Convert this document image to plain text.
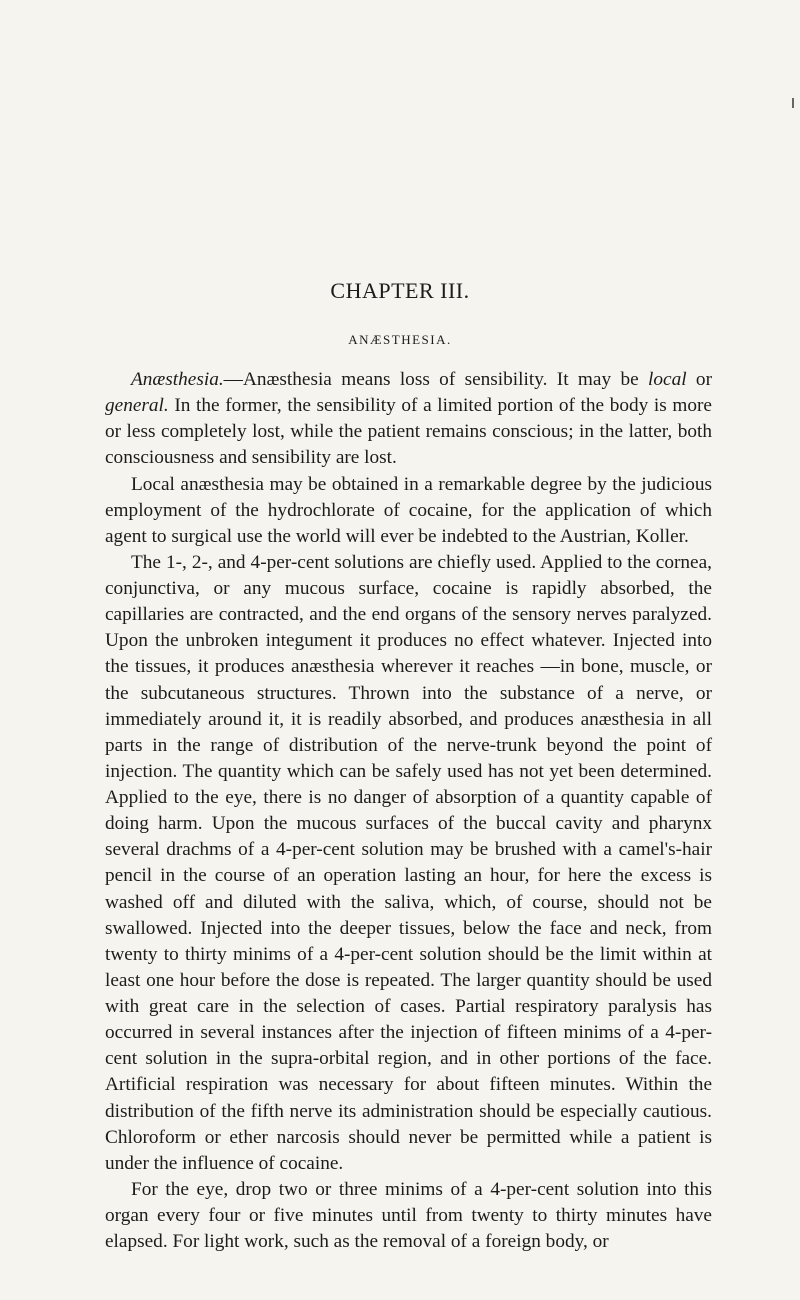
CHAPTER III.
ANÆSTHESIA.

Anæsthesia.—Anæsthesia means loss of sensibility. It may be local or general. In the former, the sensibility of a limited portion of the body is more or less completely lost, while the patient remains conscious; in the latter, both consciousness and sensibility are lost.

Local anæsthesia may be obtained in a remarkable degree by the judicious employment of the hydrochlorate of cocaine, for the application of which agent to surgical use the world will ever be indebted to the Austrian, Koller.

The 1-, 2-, and 4-per-cent solutions are chiefly used. Applied to the cornea, conjunctiva, or any mucous surface, cocaine is rapidly absorbed, the capillaries are contracted, and the end organs of the sensory nerves paralyzed. Upon the unbroken integument it produces no effect whatever. Injected into the tissues, it produces anæsthesia wherever it reaches —in bone, muscle, or the subcutaneous structures. Thrown into the substance of a nerve, or immediately around it, it is readily absorbed, and produces anæsthesia in all parts in the range of distribution of the nerve-trunk beyond the point of injection. The quantity which can be safely used has not yet been determined. Applied to the eye, there is no danger of absorption of a quantity capable of doing harm. Upon the mucous surfaces of the buccal cavity and pharynx several drachms of a 4-per-cent solution may be brushed with a camel's-hair pencil in the course of an operation lasting an hour, for here the excess is washed off and diluted with the saliva, which, of course, should not be swallowed. Injected into the deeper tissues, below the face and neck, from twenty to thirty minims of a 4-per-cent solution should be the limit within at least one hour before the dose is repeated. The larger quantity should be used with great care in the selection of cases. Partial respiratory paralysis has occurred in several instances after the injection of fifteen minims of a 4-per-cent solution in the supra-orbital region, and in other portions of the face. Artificial respiration was necessary for about fifteen minutes. Within the distribution of the fifth nerve its administration should be especially cautious. Chloroform or ether narcosis should never be permitted while a patient is under the influence of cocaine.

For the eye, drop two or three minims of a 4-per-cent solution into this organ every four or five minutes until from twenty to thirty minutes have elapsed. For light work, such as the removal of a foreign body, or
